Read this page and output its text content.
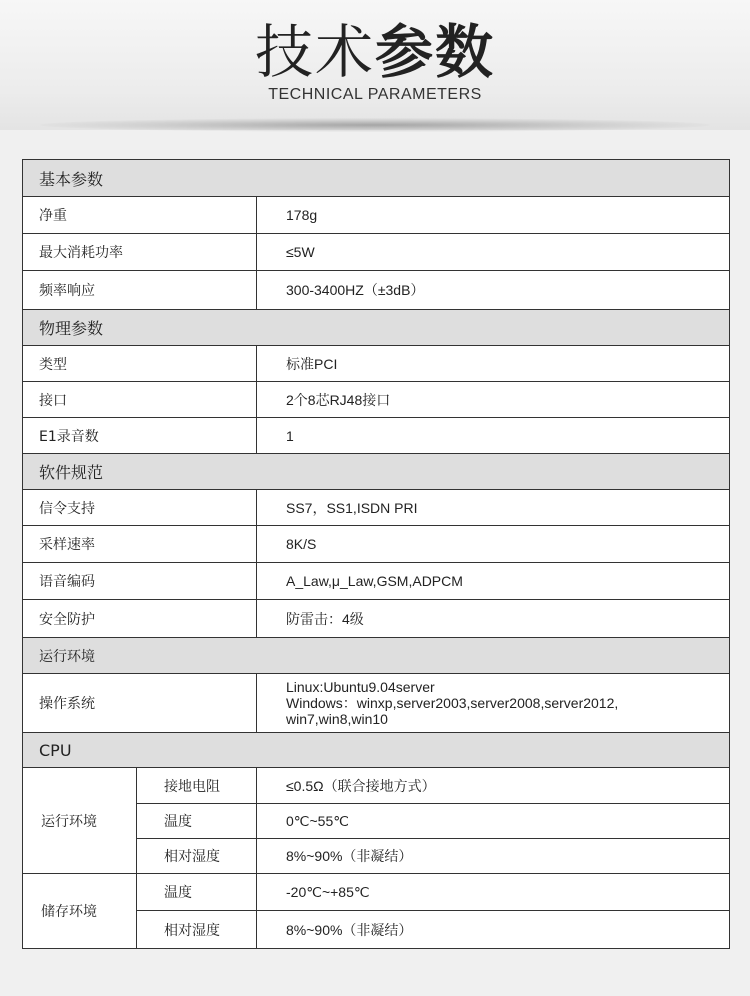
技术参数
TECHNICAL PARAMETERS
基本参数		
净重		178g
最大消耗功率		≤5W
频率响应		300-3400HZ（±3dB）
物理参数		
类型		标准PCI
接口		2个8芯RJ48接口
E1录音数		1
软件规范		
信令支持		SS7，SS1,ISDN PRI
采样速率		8K/S
语音编码		A_Law,μ_Law,GSM,ADPCM
安全防护		防雷击：4级
运行环境		
操作系统		Linux:Ubuntu9.04server
Windows：winxp,server2003,server2008,server2012,
win7,win8,win10

CPU		
运行环境	接地电阻	≤0.5Ω（联合接地方式）
	温度	0℃~55℃
	相对湿度	8%~90%（非凝结）
储存环境	温度	-20℃~+85℃
	相对湿度	8%~90%（非凝结）
